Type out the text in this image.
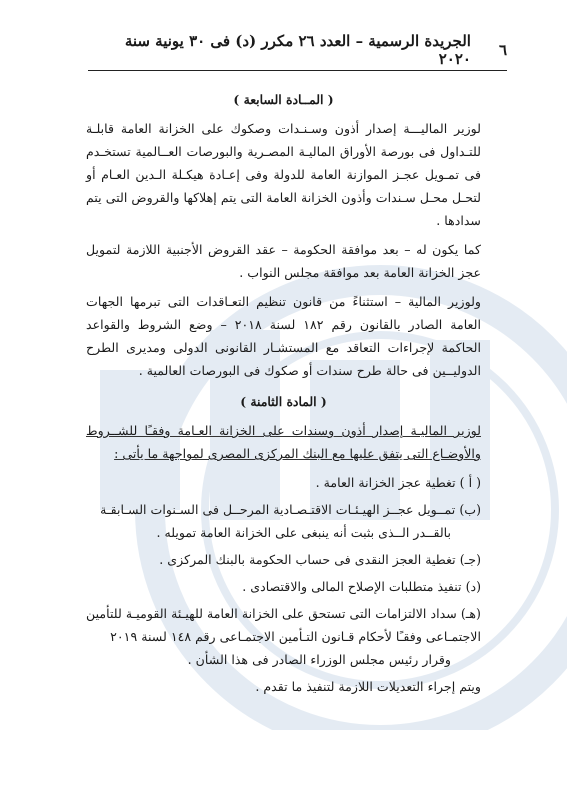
٦
الجريدة الرسمية – العدد ٢٦ مكرر (د) فى ٣٠ يونية سنة ٢٠٢٠
( المــادة السابعة )

لوزير الماليـــة إصدار أذون وسـنـدات وصكوك على الخزانة العامة قابلـة للتـداول فى بورصة الأوراق الماليـة المصـرية والبورصات العــالمية تستخـدم فى تمـويل عجـز الموازنة العامة للدولة وفى إعـادة هيكـلة الـدين العـام أو لتحـل محـل سـندات وأذون الخزانة العامة التى يتم إهلاكها والقروض التى يتم سدادها .

كما يكون له – بعد موافقة الحكومة – عقد القروض الأجنبية اللازمة لتمويل عجز الخزانة العامة بعد موافقة مجلس النواب .

ولوزير المالية – استثناءً من قانون تنظيم التعـاقدات التى تبرمها الجهات العامة الصادر بالقانون رقم ١٨٢ لسنة ٢٠١٨ – وضع الشروط والقواعد الحاكمة لإجراءات التعاقد مع المستشـار القانونى الدولى ومديرى الطرح الدوليــين فى حالة طرح سندات أو صكوك فى البورصات العالمية .

( المادة الثامنة )

لوزير الماليـة إصدار أذون وسندات على الخزانة العـامة وفقـًا للشــروط والأوضـاع التى يتفق عليها مع البنك المركزى المصرى لمواجهة ما يأتى :

( أ ) تغطية عجز الخزانة العامة .
(ب) تمــويل عجــز الهيـئـات الاقتـصـادية المرحــل فى السـنوات السـابقـة
بالقــدر الــذى بثبت أنه ينبغى على الخزانة العامة تمويله .
(جـ) تغطية العجز النقدى فى حساب الحكومة بالبنك المركزى .
(د) تنفيذ متطلبات الإصلاح المالى والاقتصادى .
(هـ) سداد الالتزامات التى تستحق على الخزانة العامة للهيـئة القوميـة للتأمين الاجتمـاعى وفقـًا لأحكام قـانون التـأمين الاجتمـاعى رقم ١٤٨ لسنة ٢٠١٩
وقرار رئيس مجلس الوزراء الصادر فى هذا الشأن .

ويتم إجراء التعديلات اللازمة لتنفيذ ما تقدم .
